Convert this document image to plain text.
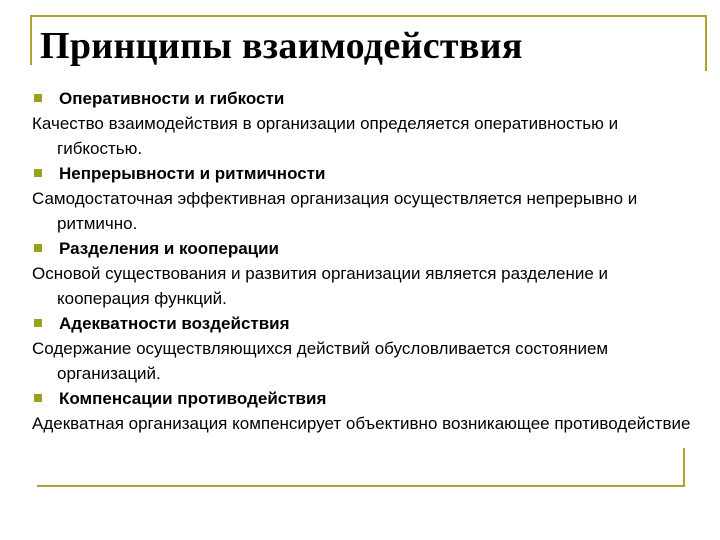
Принципы взаимодействия
Оперативности и гибкости

Качество взаимодействия в организации определяется оперативностью и гибкостью.

Непрерывности и ритмичности

Самодостаточная эффективная организация осуществляется непрерывно и ритмично.

Разделения и кооперации

Основой существования и развития организации является разделение и кооперация функций.

Адекватности воздействия

Содержание осуществляющихся действий обусловливается состоянием организаций.

Компенсации противодействия

Адекватная организация компенсирует объективно возникающее противодействие
